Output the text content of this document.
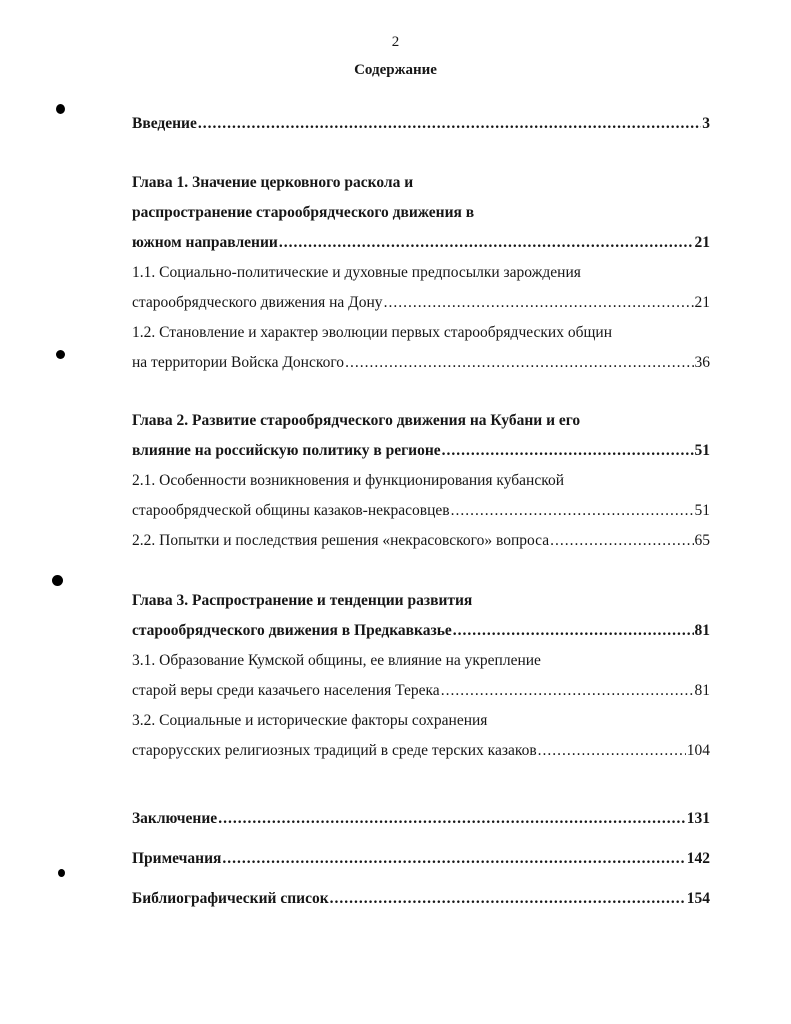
2
Содержание
Введение .....	3
Глава 1. Значение церковного раскола и
распространение старообрядческого движения в
южном направлении .....	21
1.1. Социально-политические и духовные предпосылки зарождения
старообрядческого движения на Дону .....	21
1.2. Становление и характер эволюции первых старообрядческих общин
на территории Войска Донского .....	36
Глава 2. Развитие старообрядческого движения на Кубани и его
влияние на российскую политику в регионе .....	51
2.1. Особенности возникновения и функционирования кубанской
старообрядческой общины казаков-некрасовцев .....	51
2.2. Попытки и последствия решения «некрасовского» вопроса .....	65
Глава 3. Распространение и тенденции развития
старообрядческого движения в Предкавказье .....	81
3.1. Образование Кумской общины, ее влияние на укрепление
старой веры среди казачьего населения Терека .....	81
3.2. Социальные и исторические факторы сохранения
старорусских религиозных традиций в среде терских казаков .....	104
Заключение .....	131
Примечания .....	142
Библиографический список .....	154
